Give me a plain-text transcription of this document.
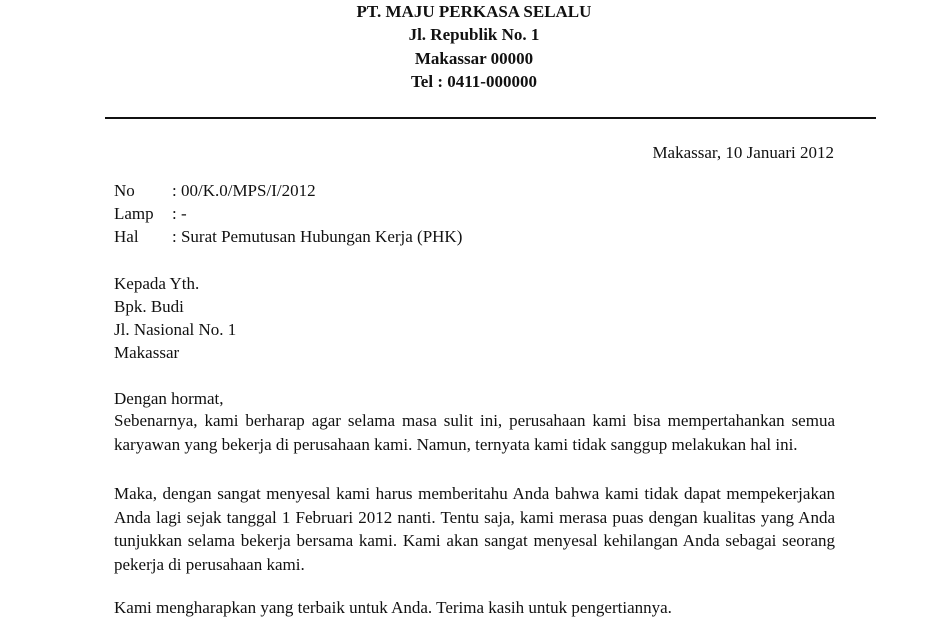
PT. MAJU PERKASA SELALU
Jl. Republik No. 1
Makassar 00000
Tel : 0411-000000
Makassar, 10 Januari 2012
No : 00/K.0/MPS/I/2012
Lamp : -
Hal : Surat Pemutusan Hubungan Kerja (PHK)
Kepada Yth.
Bpk. Budi
Jl. Nasional No. 1
Makassar
Dengan hormat,
Sebenarnya, kami berharap agar selama masa sulit ini, perusahaan kami bisa mempertahankan semua karyawan yang bekerja di perusahaan kami. Namun, ternyata kami tidak sanggup melakukan hal ini.
Maka, dengan sangat menyesal kami harus memberitahu Anda bahwa kami tidak dapat mempekerjakan Anda lagi sejak tanggal 1 Februari 2012 nanti. Tentu saja, kami merasa puas dengan kualitas yang Anda tunjukkan selama bekerja bersama kami. Kami akan sangat menyesal kehilangan Anda sebagai seorang pekerja di perusahaan kami.
Kami mengharapkan yang terbaik untuk Anda. Terima kasih untuk pengertiannya.
